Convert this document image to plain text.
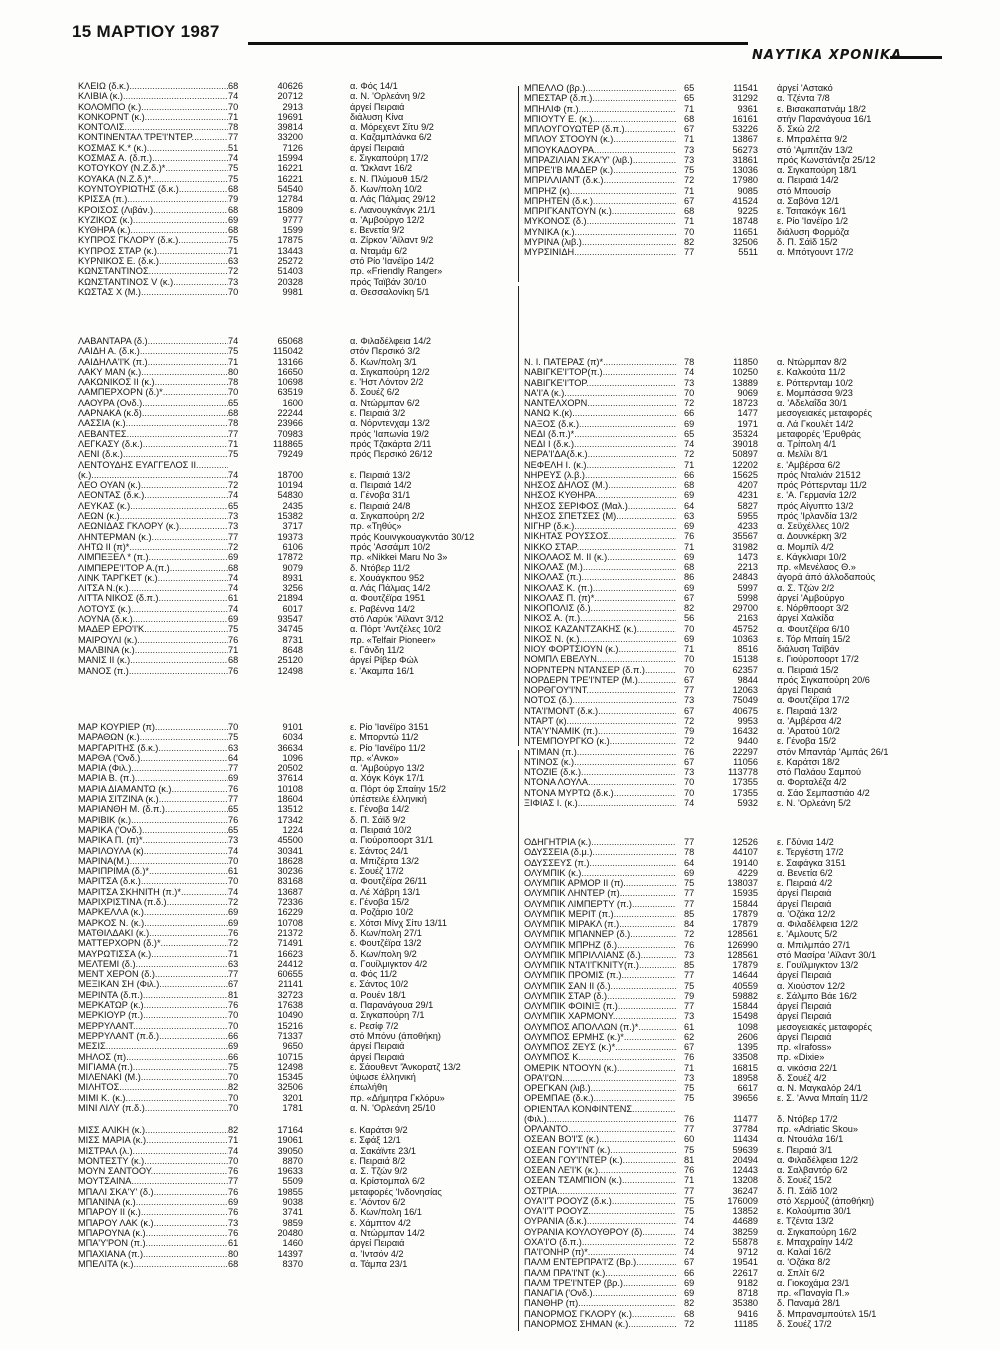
15 ΜΑΡΤΙΟΥ 1987
ΝΑΥΤΙΚΑ ΧΡΟΝΙΚΑ
ΚΛΕΙΩ (δ.κ.) .....	68	40626	α. Φός 14/1
ΚΛΙΒΙΑ (κ.) .....	74	20712	α. Ν. 'Ορλεάνη 9/2
ΚΟΛΟΜΠΟ (κ.) .....	70	2913	άργεί Πειραιά
ΚΟΝΚΟΡΝΤ (κ.) .....	71	19691	διάλυση Κίνα
ΚΟΝΤΟΛΙΣ .....	78	39814	α. Μόρεχεντ Σίτυ 9/2
ΚΟΝΤΙΝΕΝΤΑΛ ΤΡΕ'Ι'ΝΤΕΡ .....	77	33200	α. Καζαμπλάνκα 6/2
ΚΟΣΜΑΣ Κ.* (κ.) .....	51	7126	άργεί Πειραιά
ΚΟΣΜΑΣ Α. (δ.π.) .....	74	15994	ε. Σιγκαπούρη 17/2
ΚΟΤΟΥΚΟΥ (Ν.Ζ.δ.)* .....	75	16221	α. 'Ώκλαντ 16/2
ΚΟΥΑΚΑ (Ν.Ζ.δ.)* .....	75	16221	ε. Ν. Πλύμουθ 15/2
ΚΟΥΝΤΟΥΡΙΩΤΗΣ (δ.κ.) .....	68	54540	δ. Κων/πολη 10/2
ΚΡΙΣΣΑ (π.) .....	79	12784	α. Λάς Πάλμας 29/12
ΚΡΟΙΣΟΣ (Λιβάν.) .....	68	15809	ε. Λιανουγκάνγκ 21/1
ΚΥΖΙΚΟΣ (κ.) .....	69	9777	α. 'Αμβούργο 12/2
ΚΥΘΗΡΑ (κ.) .....	68	1599	ε. Βενετία 9/2
ΚΥΠΡΟΣ ΓΚΛΟΡΥ (δ.κ.) .....	75	17875	α. Ζίρκον 'Αϊλαντ 9/2
ΚΥΠΡΟΣ ΣΤΑΡ (κ.) .....	71	13443	α. Νταμάμ 6/2
ΚΥΡΝΙΚΟΣ Ε. (δ.κ.) .....	63	25272	στό Ρίο 'Ιανέϊρο 14/2
ΚΩΝΣΤΑΝΤΙΝΟΣ .....	72	51403	πρ. «Friendly Ranger»
ΚΩΝΣΤΑΝΤΙΝΟΣ V (κ.) .....	73	20328	πρός Ταϊβάν 30/10
ΚΩΣΤΑΣ Χ (Μ.) .....	70	9981	α. Θεσσαλονίκη 5/1
ΛΑΒΑΝΤΑΡΑ (δ.) .....	74	65068	α. Φιλαδέλφεια 14/2
ΛΑΙΔΗ Α. (δ.κ.) .....	75	115042	στόν Περσικό 3/2
ΛΑΙΔΗΛΑ'Ι'Κ (π.) .....	71	13166	δ. Κων/πολη 3/1
ΛΑΚΥ ΜΑΝ (κ.) .....	80	16650	α. Σιγκαπούρη 12/2
ΛΑΚΩΝΙΚΟΣ II (κ.) .....	78	10698	ε. 'Ηστ Λόντον 2/2
ΛΑΜΠΕΡΧΟΡΝ (δ.)* .....	70	63519	δ. Σουέζ 6/2
ΛΑΟΥΡΑ (Ονδ.) .....	65	1600	α. Ντώρμπαν 6/2
ΛΑΡΝΑΚΑ (κ.δ). .....	68	22244	ε. Πειραιά 3/2
ΛΑΣΣΙΑ (κ.) .....	78	23966	α. Νόρντενχαμ 13/2
ΛΕΒΑΝΤΕΣ .....	77	70983	πρός 'Ιαπωνία 19/2
ΛΕΓΚΑΣΥ (δ.κ.) .....	71	118865	πρός Τζακάρτα 2/11
ΛΕΝΙ (δ.κ.) .....	75	79249	πρός Περσικό 26/12
ΛΕΝΤΟΥΔΗΣ ΕΥΑΓΓΕΛΟΣ II .....
(κ.) .....	74	18700	ε. Πειραιά 13/2
ΛΕΟ ΟΥΑΝ (κ.) .....	72	10194	α. Πειραιά 14/2
ΛΕΟΝΤΑΣ (δ.κ.) .....	74	54830	α. Γένοβα 31/1
ΛΕΥΚΑΣ (κ.) .....	65	2435	ε. Πειραιά 24/8
ΛΕΩΝ (κ.) .....	73	15382	α. Σιγκαπούρη 2/2
ΛΕΩΝΙΔΑΣ ΓΚΛΟΡΥ (κ.) .....	73	3717	πρ. «Τηθύς»
ΛΗΝΤΕΡΜΑΝ (κ.) .....	77	19373	πρός Κουινγκουαγκντάο 30/12
ΛΗΤΩ II (π)* .....	72	6106	πρός 'Ασσάμπ 10/2
ΛΙΜΠΕΞΕΛ * (π.) .....	69	17872	πρ. «Nikkei Maru No 3»
ΛΙΜΠΕΡΕ'Ι'ΤΟΡ Α.(π.) .....	68	9079	δ. Ντόβερ 11/2
ΛΙΝΚ ΤΑΡΓΚΕΤ (κ.) .....	74	8931	ε. Χουάγκπου 952
ΛΙΤΣΑ Ν.(κ.) .....	74	3256	α. Λάς Πάλμας 14/2
ΛΙΤΤΑ ΝΙΚΟΣ (δ.π.) .....	61	21894	α. Φουτζέϊρα 1951
ΛΟΤΟΥΣ (κ.) .....	74	6017	ε. Ραβέννα 14/2
ΛΟΥΝΑ (δ.κ.) .....	69	93547	στό Λαρύκ 'Αϊλαντ 3/12
ΜΑΔΕΡ ΕΡΟ'Ι'Κ. .....	75	34745	α. Πόρτ 'Αντζέλες 10/2
ΜΑΙΡΟΥΛΙ (κ.) .....	76	8731	πρ. «Telfair Pioneer»
ΜΑΛΒΙΝΑ (κ.) .....	71	8648	ε. Γάνδη 11/2
ΜΑΝΙΣ II (κ.) .....	68	25120	άργεί Ρίβερ Φώλ
ΜΑΝΟΣ (π.) .....	76	12498	ε. 'Ακαμπα 16/1
ΜΑΡ ΚΟΥΡΙΕΡ (π). .....	70	9101	ε. Ρίο 'Ιανέϊρο 3151
ΜΑΡΑΘΩΝ (κ.) .....	75	6034	ε. Μπορντώ 11/2
ΜΑΡΓΑΡΙΤΗΣ (δ.κ.) .....	63	36634	ε. Ρίο 'Ιανέϊρο 11/2
ΜΑΡΘΑ ('Ονδ.) .....	64	1096	πρ. «'Ανκο»
ΜΑΡΙΑ (Φιλ.) .....	77	20502	α. 'Αμβούργο 13/2
ΜΑΡΙΑ Β. (π.) .....	69	37614	α. Χόγκ Κόγκ 17/1
ΜΑΡΙΑ ΔΙΑΜΑΝΤΩ (κ.) .....	76	10108	α. Πόρτ όφ Σπαίην 15/2
ΜΑΡΙΑ ΣΙΤΖΙΝΑ (κ.) .....	77	18604	ύπέστειλε έλληνική
ΜΑΡΙΑΝΘΗ Μ. (δ.π.) .....	65	13512	ε. Γένοβα 14/2
ΜΑΡΙΒΙΚ (κ.) .....	76	17342	δ. Π. Σάϊδ 9/2
ΜΑΡΙΚΑ ('Ονδ.) .....	65	1224	α. Πειραιά 10/2
ΜΑΡΙΚΑ Π. (π)* .....	73	45500	α. Γιούροποορτ 31/1
ΜΑΡΙΛΟΥΛΑ (κ). .....	74	30341	ε. Σάντος 24/1
ΜΑΡΙΝΑ(Μ.) .....	70	18628	α. Μπιζέρτα 13/2
ΜΑΡΙΠΡΙΜΑ (δ.)* .....	61	30236	ε. Σουέζ 17/2
ΜΑΡΙΤΣΑ (δ.κ.) .....	70	83168	α. Φουτζέϊρα 26/11
ΜΑΡΙΤΣΑ ΣΚΗΝΙΤΗ (π.)* .....	74	13687	α. Λέ Χάβρη 13/1
ΜΑΡΙΧΡΙΣΤΙΝΑ (π.δ.) .....	72	72336	ε. Γένοβα 15/2
ΜΑΡΚΕΛΛΑ (κ.) .....	69	16229	α. Ροζάριο 10/2
ΜΑΡΚΟΣ Ν. (κ.) .....	69	10708	ε. Χότσι Μίνχ Σίτυ 13/11
ΜΑΤΘΙΛΔΑΚΙ (κ.) .....	76	21372	δ. Κων/πολη 27/1
ΜΑΤΤΕΡΧΟΡΝ (δ.)* .....	72	71491	ε. Φουτζέϊρα 13/2
ΜΑΥΡΩΤΙΣΣΑ (κ.) .....	71	16623	δ. Κων/πολη 9/2
ΜΕΛΤΕΜΙ (δ.) .....	63	24412	α. Γουίλμιγκτον 4/2
ΜΕΝΤ ΧΕΡΟΝ (δ.) .....	77	60655	α. Φός 11/2
ΜΕΞΙΚΑΝ ΣΗ (Φιλ.) .....	67	21141	ε. Σάντος 10/2
ΜΕΡΙΝΤΑ (δ.π.) .....	81	32723	α. Ρουέν 18/1
ΜΕΡΚΑΤΩΡ (κ.) .....	76	17638	α. Παρανάγουα 29/1
ΜΕΡΚΙΟΥΡ (π.) .....	70	10490	α. Σιγκαπούρη 7/1
ΜΕΡΡΥΛΑΝΤ .....	70	15216	ε. Ρεσίφ 7/2
ΜΕΡΡΥΛΑΝΤ (π.δ.) .....	66	71337	στό Μπόνυ (άποθήκη)
ΜΕΣΙΣ .....	69	9650	άργεί Πειραιά
ΜΗΛΟΣ (π). .....	66	10715	άργεί Πειραιά
ΜΙΓΙΑΜΑ (π.) .....	75	12498	ε. Σάουθεντ 'Άνκορατζ 13/2
ΜΙΛΕΝΑΚΙ (Μ.) .....	70	15345	ύψωσε έλληνική
ΜΙΛΗΤΟΣ .....	82	32506	έπωλήθη
ΜΙΜΙ Κ. (κ.) .....	70	3201	πρ. «Δήμητρα Γκλόρυ»
ΜΙΝΙ ΛΙΛΥ (π.δ.) .....	70	1781	α. Ν. 'Ορλεάνη 25/10
ΜΙΣΣ ΑΛΙΚΗ (κ.) .....	82	17164	ε. Καράτσι 9/2
ΜΙΣΣ ΜΑΡΙΑ (κ.) .....	71	19061	ε. Σφάξ 12/1
ΜΙΣΤΡΑΛ (λ.) .....	74	39050	α. Σακάϊντε 23/1
ΜΟΝΤΕΣΤΥ (κ.) .....	70	8870	ε. Πειραιά 8/2
ΜΟΥΝ ΣΑΝΤΟΟΥ .....	76	19633	α. Σ. Τζών 9/2
ΜΟΥΤΣΑΙΝΑ .....	77	5509	α. Κρίστομπαλ 6/2
ΜΠΑΛΙ ΣΚΑ'Υ' (δ.) .....	76	19855	μεταφορές 'Ινδονησίας
ΜΠΑΝΙΝΑ (κ.) .....	69	9038	ε. 'Αόντον 6/2
ΜΠΑΡΟΥ II (κ.) .....	76	3741	δ. Κων/πολη 16/1
ΜΠΑΡΟΥ ΛΑΚ (κ.) .....	73	9859	ε. Χάμπτον 4/2
ΜΠΑΡΟΥΝΑ (κ.) .....	76	20480	α. Ντώρμπαν 14/2
ΜΠΑ'Υ'ΡΟΝ (π.) .....	61	1460	άργεί Πειραιά
ΜΠΑΧΙΑΝΑ (π.) .....	80	14397	α. 'Ιντσόν 4/2
ΜΠΕΛΙΤΑ (κ.) .....	68	8370	α. Τάμπα 23/1
ΜΠΕΛΛΟ (βρ.) .....	65	11541 άργεί 'Αστακό
ΜΠΕΣΤΑΡ (δ.π.) .....	65	31292 α. Τζέντα 7/8
ΜΠΗΛΙΦ (π.) .....	71	9361 ε. Βισακαπατνάμ 18/2
ΜΠΙΟΥΤΥ Ε. (κ.) .....	68	16161 στήν Παρανάγουα 16/1
ΜΠΛΟΥΓΟΥΩΤΕΡ (δ.π.) .....	67	53226 δ. Σκώ 2/2
ΜΠΛΟΥ ΣΤΟΟΥΝ (κ.) .....	71	13867 ε. Μπραλέττα 9/2
ΜΠΟΥΚΑΔΟΥΡΑ .....	73	56273 στό 'Αμπιτζάν 13/2
ΜΠΡΑΖΙΛΙΑΝ ΣΚΑ'Υ' (λιβ.) .....	73	31861 πρός Κωνστάντζα 25/12
ΜΠΡΕ'Ι'Β ΜΑΔΕΡ (κ.) .....	75	13036 α. Σιγκαπούρη 18/1
ΜΠΡΙΛΛΙΑΝΤ (δ.κ.) .....	72	17980 α. Πειραιά 14/2
ΜΠΡΗΖ (κ). .....	71	9085 στό Μπουσίρ
ΜΠΡΗΤΕΝ (δ.κ.) .....	67	41524 α. Σαβόνα 12/1
ΜΠΡΙΓΚΑΝΤΟΥΝ (κ.) .....	68	9225 ε. Τσιτακόγκ 16/1
ΜΥΚΟΝΟΣ (δ.) .....	71	18748 ε. Ρίο 'Ιανέϊρο 1/2
ΜΥΝΙΚΑ (κ.) .....	70	11651 διάλυση Φορμόζα
ΜΥΡΙΝΑ (λιβ.) .....	82	32506 δ. Π. Σάϊδ 15/2
ΜΥΡΣΙΝΙΔΗ .....	77	5511 α. Μπότγουντ 17/2
Ν. Ι. ΠΑΤΕΡΑΣ (π)* .....	78	11850 α. Ντώρμπαν 8/2
ΝΑΒΙΓΚΕ'Ι'ΤΟΡ(π.) .....	74	10250 ε. Καλκούτα 11/2
ΝΑΒΙΓΚΕ'Ι'ΤΟΡ .....	73	13889 ε. Ρόττερνταμ 10/2
ΝΑ'Ι'Α (κ.) .....	70	9069 ε. Μομπάσσα 9/23
ΝΑΝΤΕΛΧΟΡΝ .....	72	18723 α. 'Αδελαΐδα 30/1
ΝΑΝΩ Κ.(κ). .....	66	1477 μεσογειακές μεταφορές
ΝΑΞΟΣ (δ.κ.) .....	69	1971 α. Λά Γκουλέτ 14/2
ΝΕΔΙ (δ.π.)* .....	65	35324 μεταφορές 'Ερυθράς
ΝΕΔΙ Ι (δ.κ.) .....	74	39018 α. Τρίπολη 4/1
ΝΕΡΑ'Ι'ΔΑ(δ.κ.) .....	72	50897 α. Μελίλι 8/1
ΝΕΦΕΛΗ Ι. (κ.) .....	71	12202 ε. 'Αμβέρσα 6/2
ΝΗΡΕΥΣ (λ.β.) .....	66	15625 πρός Νταλιάν 21512
ΝΗΣΟΣ ΔΗΛΟΣ (Μ.) .....	68	4207 πρός Ρόττερνταμ 11/2
ΝΗΣΟΣ ΚΥΘΗΡΑ .....	69	4231 ε. 'Α. Γερμανία 12/2
ΝΗΣΟΣ ΣΕΡΙΦΟΣ (Μαλ.) .....	64	5827 πρός Αίγυπτο 13/2
ΝΗΣΟΣ ΣΠΕΤΣΕΣ (Μ) .....	63	5955 πρός 'Ιρλανδία 13/2
ΝΙΓΗΡ (δ.κ.) .....	69	4233 α. Σεϋχέλλες 10/2
ΝΙΚΗΤΑΣ ΡΟΥΣΣΟΣ .....	76	35567 α. Δουνκέρκη 3/2
ΝΙΚΚΟ ΣΤΑΡ .....	71	31982 α. Μομπίλ 4/2
ΝΙΚΟΛΑΟΣ Μ. ΙΙ (κ.) .....	69	1473 ε. Κάγκλιαρι 10/2
ΝΙΚΟΛΑΣ (Μ.) .....	68	2213 πρ. «Μενέλαος Θ.»
ΝΙΚΟΛΑΣ (π.) .....	86	24843 άγορά άπό άλλοδαπούς
ΝΙΚΟΛΑΣ Κ. (π.) .....	69	5997 α. Σ. Τζών 2/2
ΝΙΚΟΛΑΣ Π. (π)* .....	67	5998 άργεί 'Αμβούργο
ΝΙΚΟΠΟΛΙΣ (δ.) .....	82	29700 ε. Νόρθποορτ 3/2
ΝΙΚΟΣ Α. (π.) .....	56	2163 άργεί Χαλκίδα
ΝΙΚΟΣ ΚΑΖΑΝΤΖΑΚΗΣ (κ.) .....	70	45752 α. Φουτζέϊρα 6/10
ΝΙΚΟΣ Ν. (κ.) .....	69	10363 ε. Τόρ Μπαίη 15/2
ΝΙΟΥ ΦΟΡΤΣΙΟΥΝ (κ.) .....	71	8516 διάλυση Ταϊβάν
ΝΟΜΠΛ ΕΒΕΛΥΝ .....	70	15138 ε. Γιούροποορτ 17/2
ΝΟΡΝΤΕΡΝ ΝΤΑΝΣΕΡ (δ.π.) .....	70	62357 α. Πειραιά 15/2
ΝΟΡΔΕΡΝ ΤΡΕ'Ι'ΝΤΕΡ (Μ.) .....	67	9844 πρός Σιγκαπούρη 20/6
ΝΟΡΘΓΟΥ'Ι'ΝΤ .....	77	12063 άργεί Πειραιά
ΝΟΤΟΣ (δ.) .....	73	75049 α. Φουτζέϊρα 17/2
ΝΤΑ'Ι'ΜΟΝΤ (δ.κ.) .....	67	40675 ε. Πειραιά 13/2
ΝΤΑΡΤ (κ) .....	72	9953 α. 'Αμβέρσα 4/2
ΝΤΑ'Υ'ΝΑΜΙΚ (π.) .....	79	16432 α. 'Αρατού 10/2
ΝΤΕΜΠΟΥΡΓΚΟ (κ.) .....	72	9440 ε. Γένοβα 15/2
ΝΤΙΜΑΝ (π.) .....	76	22297 στόν Μπαντάρ 'Αμπάς 26/1
ΝΤΙΝΟΣ (κ.) .....	67	11056 ε. Καράτσι 18/2
ΝΤΟΖΙΕ (δ.κ.) .....	73	113778 στό Παλάου Σαμπού
ΝΤΟΝΑ ΛΟΥΛΑ .....	70	17355 α. Φορταλέζα 4/2
ΝΤΟΝΑ ΜΥΡΤΩ (δ.κ.) .....	70	17355 α. Σάο Σεμπαστιάο 4/2
ΞΙΦΙΑΣ Ι. (κ.) .....	74	5932 ε. Ν. 'Ορλεάνη 5/2
ΟΔΗΓΗΤΡΙΑ (κ.) .....	77	12526 ε. Γδύνια 14/2
ΟΔΥΣΣΕΙΑ (δ.μ.) .....	78	44107 ε. Τεργέστη 17/2
ΟΔΥΣΣΕΥΣ (π.) .....	64	19140 ε. Σαφάγκα 3151
ΟΛΥΜΠΙΚ (κ.) .....	69	4229 α. Βενετία 6/2
ΟΛΥΜΠΙΚ ΑΡΜΟΡ ΙΙ (π). .....	75	138037 ε. Πειραιά 4/2
ΟΛΥΜΠΙΚ ΛΗΝΤΕΡ (π). .....	77	15935 άργεί Πειραιά
ΟΛΥΜΠΙΚ ΛΙΜΠΕΡΤΥ (π.) .....	77	15844 άργεί Πειραιά
ΟΛΥΜΠΙΚ ΜΕΡΙΤ (π.) .....	85	17879 α. 'Οζάκα 12/2
ΟΛΥΜΠΙΚ ΜΙΡΑΚΛ (π.) .....	84	17879 α. Φιλαδέλφεια 12/2
ΟΛΥΜΠΙΚ ΜΠΑΝΝΕΡ (δ.) .....	72	128561 ε. 'Αμλουτς 5/2
ΟΛΥΜΠΙΚ ΜΠΡΗΖ (δ.) .....	76	126990 α. Μπιλμπάο 27/1
ΟΛΥΜΠΙΚ ΜΠΡΙΛΛΙΑΝΣ (δ.) .....	73	128561 στό Μασίρα 'Αϊλαντ 30/1
ΟΛΥΜΠΙΚ ΝΤΑ'Ι'ΓΚΝΙΤΥ(π.) .....	85	17879 ε. Γουϊλμιγκτον 13/2
ΟΛΥΜΠΙΚ ΠΡΟΜΙΣ (π.) .....	77	14644 άργεί Πειραιά
ΟΛΥΜΠΙΚ ΣΑΝ ΙΙ (δ.) .....	75	40559 α. Χιούστον 12/2
ΟΛΥΜΠΙΚ ΣΤΑΡ (δ.) .....	79	59882 ε. Σάλμπο Βάε 16/2
ΟΛΥΜΠΙΚ ΦΟΙΝΙΞ (π.) .....	77	15844 άργεί Πειραιά
ΟΛΥΜΠΙΚ ΧΑΡΜΟΝΥ .....	73	15498 άργεί Πειραιά
ΟΛΥΜΠΟΣ ΑΠΟΛΛΩΝ (π.)* .....	61	1098 μεσογειακές μεταφορές
ΟΛΥΜΠΟΣ ΕΡΜΗΣ (κ.)* .....	62	2606 άργεί Πειραιά
ΟΛΥΜΠΟΣ ΖΕΥΣ (κ.)* .....	67	1395 πρ. «Irafoss»
ΟΛΥΜΠΟΣ Κ. .....	76	33508 πρ. «Dixie»
ΟΜΕΡΙΚ ΝΤΟΟΥΝ (κ.) .....	71	16815 α. νικόσια 22/1
ΟΡΑ'Ι'ΩΝ .....	73	18958 δ. Σουέζ 4/2
ΟΡΕΓΚΑΝ (λιβ.) .....	75	6617 α. Ν. Μαγκαλόρ 24/1
ΟΡΕΜΠΑΕ (δ.κ.) .....	75	39656 ε. Σ. 'Αννα Μπαίη 11/2
ΟΡΙΕΝΤΑΛ ΚΟΝΦΙΝΤΕΝΣ .....
(Φιλ.) .....	76	11477 δ. Ντόβερ 17/2
ΟΡΛΑΝΤΟ .....	77	37784 πρ. «Adriatic Skou»
ΟΣΕΑΝ ΒΟ'Ι'Σ (κ.) .....	60	11434 α. Ντουάλα 16/1
ΟΣΕΑΝ ΓΟΥ'Ι'ΝΤ (κ.) .....	75	59639 ε. Πειραιά 3/1
ΟΣΕΑΝ ΓΟΥ'Ι'ΝΤΕΡ (κ.) .....	81	20494 α. Φιλαδέλφεια 12/2
ΟΣΕΑΝ ΛΕ'Ι'Κ (κ.) .....	76	12443 α. Σαλβαντόρ 6/2
ΟΣΕΑΝ ΤΣΑΜΠΙΟΝ (κ.) .....	71	13208 δ. Σουέζ 15/2
ΟΣΤΡΙΑ .....	77	36247 δ. Π. Σάϊδ 10/2
ΟΥΑ'Ι'Τ ΡΟΟΥΖ (δ.κ.) .....	75	176009 στό Χερμούζ (άποθήκη)
ΟΥΑ'Ι'Τ ΡΟΟΥΖ. .....	75	13852 ε. Κολούμπια 30/1
ΟΥΡΑΝΙΑ (δ.κ.) .....	74	44689 ε. Τζέντα 13/2
ΟΥΡΑΝΙΑ ΚΟΥΛΟΥΘΡΟΥ (δ) .....	74	38259 α. Σιγκαπούρη 16/2
ΟΧΑ'Ι'Ο (δ.π.) .....	72	55878 ε. Μπαχραίην 14/2
ΠΑ'Ι'ΟΝΗΡ (π)* .....	74	9712 α. Καλαί 16/2
ΠΑΛΜ ΕΝΤΕΡΠΡΑ'Ι'Ζ (Βρ.) .....	67	19541 α. 'Οζάκα 8/2
ΠΑΛΜ ΠΡΑ'Ι'ΝΤ (κ.) .....	66	22617 α. Σπλίτ 6/2
ΠΑΛΜ ΤΡΕ'Ι'ΝΤΕΡ (βρ.) .....	69	9182 α. Γιοκοχάμα 23/1
ΠΑΝΑΓΙΑ ('Ονδ.) .....	69	8718 πρ. «Παναγία Π.»
ΠΑΝΘΗΡ (π) .....	82	35380 δ. Παναμά 28/1
ΠΑΝΟΡΜΟΣ ΓΚΛΟΡΥ (κ.) .....	68	9416 δ. Μπρανσμπούτελ 15/1
ΠΑΝΟΡΜΟΣ ΣΗΜΑΝ (κ.) .....	72	11185 δ. Σουέζ 17/2
